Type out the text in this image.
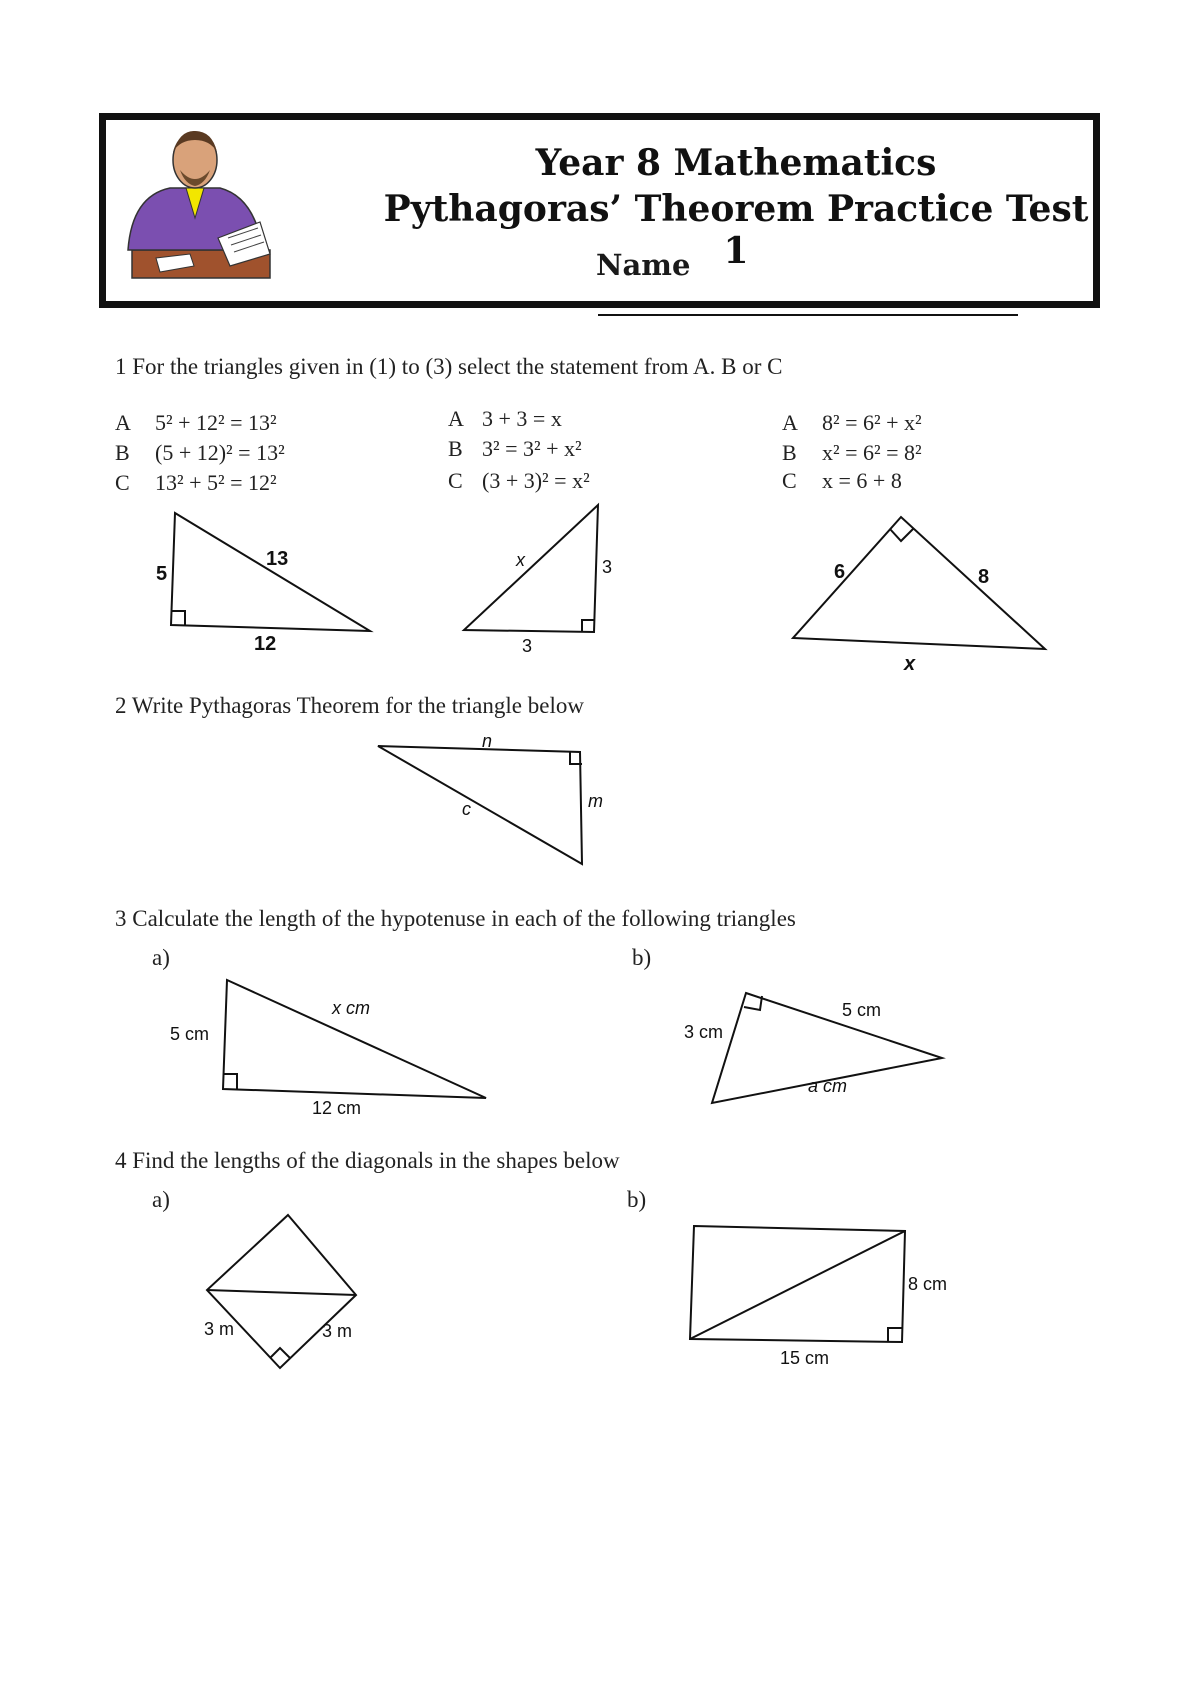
Year 8 Mathematics
Pythagoras’ Theorem Practice Test 1
Name
1 For the triangles given in (1) to (3) select the statement from A. B or C
A 5² + 12² = 13²
B (5 + 12)² = 13²
C 13² + 5² = 12²
A 3 + 3 = x
B 3² = 3² + x²
C (3 + 3)² = x²
A 8² = 6² + x²
B x² = 6² = 8²
C x = 6 + 8
5
13
12
x	3
3
6	8
x
n
m
c
5 cm
x cm
12 cm
3 cm
5 cm
a cm
3 m	3 m
8 cm
15 cm
2 Write Pythagoras Theorem for the triangle below
3 Calculate the length of the hypotenuse in each of the following triangles
a)	b)
4 Find the lengths of the diagonals in the shapes below
a)	b)
